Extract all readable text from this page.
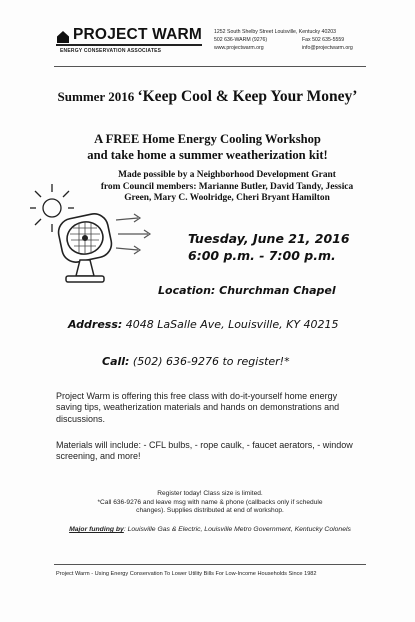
PROJECT WARM
ENERGY CONSERVATION ASSOCIATES
1252 South Shelby Street Louisville, Kentucky 40203
502 636-WARM (9276)	Fax 502 635-5559
www.projectwarm.org	info@projectwarm.org
Summer 2016 ‘Keep Cool & Keep Your Money’
A FREE Home Energy Cooling Workshop
and take home a summer weatherization kit!
Made possible by a Neighborhood Development Grant
from Council members: Marianne Butler, David Tandy, Jessica
Green, Mary C. Woolridge, Cheri Bryant Hamilton
Tuesday, June 21, 2016
6:00 p.m. - 7:00 p.m.
Location: Churchman Chapel
Address: 4048 LaSalle Ave, Louisville, KY 40215
Call: (502) 636-9276 to register!*
Project Warm is offering this free class with do-it-yourself home energy saving tips, weatherization materials and hands on demonstrations and discussions.
Materials will include: - CFL bulbs, - rope caulk, - faucet aerators, - window screening, and more!
Register today! Class size is limited.
*Call 636-9276 and leave msg with name & phone (callbacks only if schedule
changes). Supplies distributed at end of workshop.
Major funding by: Louisville Gas & Electric, Louisville Metro Government, Kentucky Colonels
Project Warm - Using Energy Conservation To Lower Utility Bills For Low-Income Households Since 1982
